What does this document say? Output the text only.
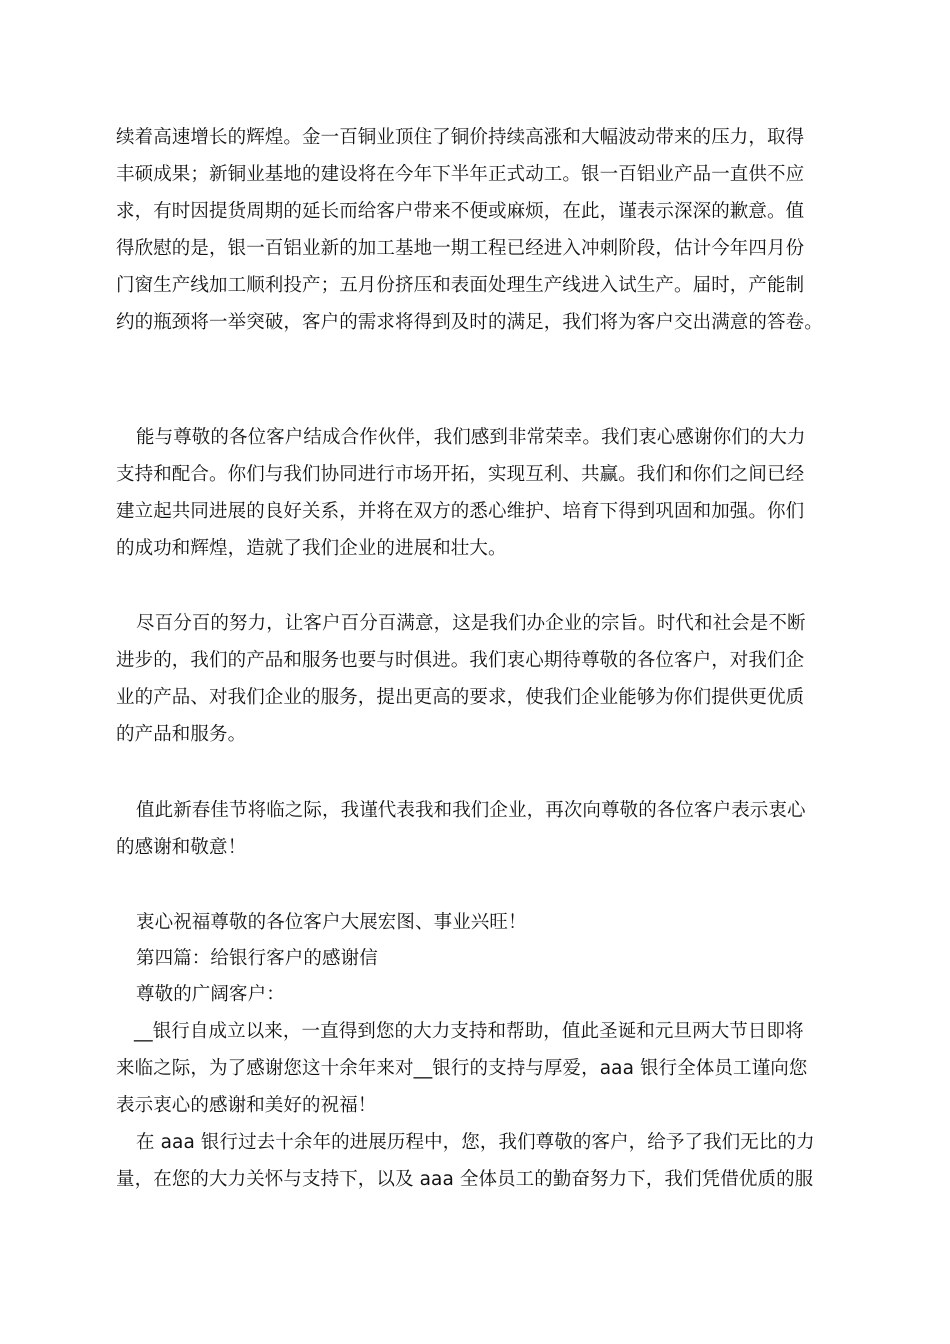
续着高速增长的辉煌。金一百铜业顶住了铜价持续高涨和大幅波动带来的压力，取得
丰硕成果；新铜业基地的建设将在今年下半年正式动工。银一百铝业产品一直供不应
求，有时因提货周期的延长而给客户带来不便或麻烦，在此，谨表示深深的歉意。值
得欣慰的是，银一百铝业新的加工基地一期工程已经进入冲刺阶段，估计今年四月份
门窗生产线加工顺利投产；五月份挤压和表面处理生产线进入试生产。届时，产能制
约的瓶颈将一举突破，客户的需求将得到及时的满足，我们将为客户交出满意的答卷。
能与尊敬的各位客户结成合作伙伴，我们感到非常荣幸。我们衷心感谢你们的大力
支持和配合。你们与我们协同进行市场开拓，实现互利、共赢。我们和你们之间已经
建立起共同进展的良好关系，并将在双方的悉心维护、培育下得到巩固和加强。你们
的成功和辉煌，造就了我们企业的进展和壮大。
尽百分百的努力，让客户百分百满意，这是我们办企业的宗旨。时代和社会是不断
进步的，我们的产品和服务也要与时俱进。我们衷心期待尊敬的各位客户，对我们企
业的产品、对我们企业的服务，提出更高的要求，使我们企业能够为你们提供更优质
的产品和服务。
值此新春佳节将临之际，我谨代表我和我们企业，再次向尊敬的各位客户表示衷心
的感谢和敬意！
衷心祝福尊敬的各位客户大展宏图、事业兴旺！
第四篇：给银行客户的感谢信
尊敬的广阔客户：
__银行自成立以来，一直得到您的大力支持和帮助，值此圣诞和元旦两大节日即将
来临之际，为了感谢您这十余年来对__银行的支持与厚爱，aaa 银行全体员工谨向您
表示衷心的感谢和美好的祝福！
在 aaa 银行过去十余年的进展历程中，您，我们尊敬的客户，给予了我们无比的力
量，在您的大力关怀与支持下，以及 aaa 全体员工的勤奋努力下，我们凭借优质的服
